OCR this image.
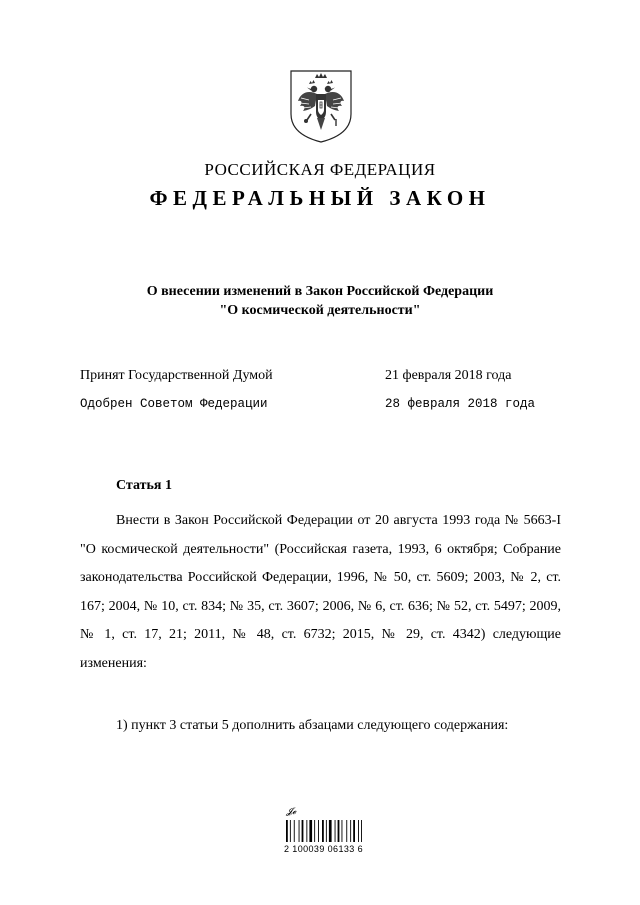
РОССИЙСКАЯ ФЕДЕРАЦИЯ
ФЕДЕРАЛЬНЫЙ ЗАКОН
О внесении изменений в Закон Российской Федерации
"О космической деятельности"
Принят Государственной Думой	21 февраля 2018 года
Одобрен Советом Федерации	28 февраля 2018 года
Статья 1
Внести в Закон Российской Федерации от 20 августа 1993 года № 5663-I "О космической деятельности" (Российская газета, 1993, 6 октября; Собрание законодательства Российской Федерации, 1996, № 50, ст. 5609; 2003, № 2, ст. 167; 2004, № 10, ст. 834; № 35, ст. 3607; 2006, № 6, ст. 636; № 52, ст. 5497; 2009, № 1, ст. 17, 21; 2011, № 48, ст. 6732; 2015, № 29, ст. 4342) следующие изменения:
1) пункт 3 статьи 5 дополнить абзацами следующего содержания:
𝓙𝓮
2 100039 06133 6
